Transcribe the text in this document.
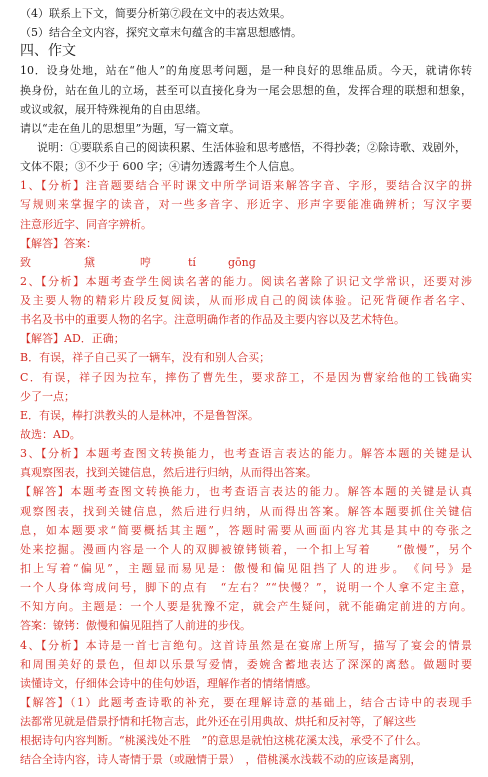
（4）联系上下文，简要分析第⑦段在文中的表达效果。
（5）结合全文内容，探究文章末句蕴含的丰富思想感情。
四、作文
10．设身处地，站在“他人”的角度思考问题，是一种良好的思维品质。今天，就请你转
换身份，站在鱼儿的立场，甚至可以直接化身为一尾会思想的鱼，发挥合理的联想和想象，
或议或叙，展开特殊视角的自由思绪。
请以“走在鱼儿的思想里”为题，写一篇文章。
说明：①要联系自己的阅读积累、生活体验和思考感悟，不得抄袭；②除诗歌、戏剧外，
文体不限；③不少于 600 字；④请勿透露考生个人信息。
1、【分析】注音题要结合平时课文中所学词语来解答字音、字形，要结合汉字的拼
写规则来掌握字的读音，对一些多音字、形近字、形声字要能准确辨析；写汉字要
注意形近字、同音字辨析。
【解答】答案：
致	黛	哼	tí	gōng
2、【分析】本题考查学生阅读名著的能力。阅读名著除了识记文学常识，还要对涉
及主要人物的精彩片段反复阅读，从而形成自己的阅读体验。记死背硬作者名字、
书名及书中的重要人物的名字。注意明确作者的作品及主要内容以及艺术特色。
【解答】AD．正确；
B．有误，祥子自己买了一辆车，没有和别人合买；
C．有误，祥子因为拉车，摔伤了曹先生，要求辞工，不是因为曹家给他的工钱确实
少了一点；
E．有误，棒打洪教头的人是林冲，不是鲁智深。
故选：AD。
3、【分析】本题考查图文转换能力，也考查语言表达的能力。解答本题的关键是认
真观察图表，找到关键信息，然后进行归纳，从而得出答案。
【解答】本题考查图文转换能力，也考查语言表达的能力。解答本题的关键是认真
观察图表，找到关键信息，然后进行归纳，从而得出答案。解答本题要抓住关键信
息，如本题要求“简要概括其主题”，答题时需要从画面内容尤其是其中的夸张之
处来挖掘。漫画内容是一个人的双脚被镣铐锁着，一个扣上写着　　“傲慢”，另个
扣上写着“偏见”，主题显而易见是：傲慢和偏见阻挡了人的进步。　《问号》是
一个人身体弯成问号，脚下的点有　“左右？”“快慢？”，说明一个人拿不定主意，
不知方向。主题是：一个人要是犹豫不定，就会产生疑问，就不能确定前进的方向。
答案：镣铐：傲慢和偏见阻挡了人前进的步伐。
4、【分析】本诗是一首七言绝句。这首诗虽然是在宴席上所写，描写了宴会的情景
和周围美好的景色，但却以乐景写爱情，委婉含蓄地表达了深深的离愁。做题时要
读懂诗文，仔细体会诗中的佳句妙语，理解作者的情绪情感。
【解答】（1）此题考查诗歌的补充，要在理解诗意的基础上，结合古诗中的表现手
法都常见就是借景抒情和托物言志，此外还在引用典故、烘托和反衬等，了解这些
根据诗句内容判断。“桃溪浅处不胜　”的意思是就怕这桃花溪太浅，承受不了什么。
结合全诗内容，诗人寄情于景（或融情于景）　，借桃溪水浅载不动的应该是离别，
